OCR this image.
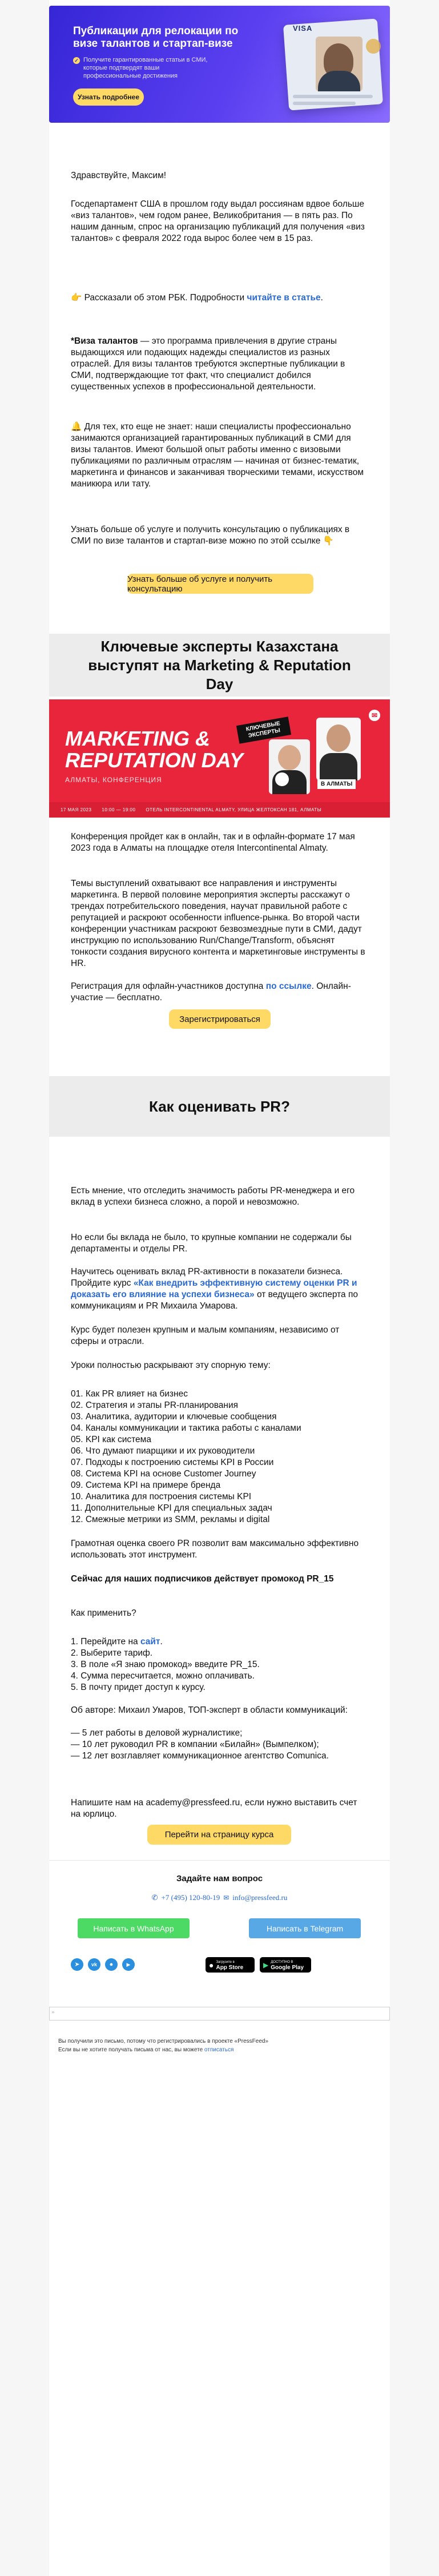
Публикации для релокации по визе талантов и стартап-визе
✓ Получите гарантированные статьи в СМИ, которые подтвердят ваши профессиональные достижения
Узнать подробнее
VISA

Здравствуйте, Максим!

Госдепартамент США в прошлом году выдал россиянам вдвое больше «виз талантов», чем годом ранее, Великобритания — в пять раз. По нашим данным, спрос на организацию публикаций для получения «виз талантов» с февраля 2022 года вырос более чем в 15 раз.

👉 Рассказали об этом РБК. Подробности читайте в статье.

*Виза талантов — это программа привлечения в другие страны выдающихся или подающих надежды специалистов из разных отраслей. Для визы талантов требуются экспертные публикации в СМИ, подтверждающие тот факт, что специалист добился существенных успехов в профессиональной деятельности.

🔔 Для тех, кто еще не знает: наши специалисты профессионально занимаются организацией гарантированных публикаций в СМИ для визы талантов. Имеют большой опыт работы именно с визовыми публикациями по различным отраслям — начиная от бизнес-тематик, маркетинга и финансов и заканчивая творческими темами, искусством маникюра или тату.

Узнать больше об услуге и получить консультацию о публикациях в СМИ по визе талантов и стартап-визе можно по этой ссылке 👇

Узнать больше об услуге и получить консультацию
Ключевые эксперты Казахстана выступят на Marketing & Reputation Day
MARKETING &
REPUTATION DAY
АЛМАТЫ, КОНФЕРЕНЦИЯ
КЛЮЧЕВЫЕ ЭКСПЕРТЫ
В АЛМАТЫ
✉
17 МАЯ 2023 10:00 — 19:00 ОТЕЛЬ INTERCONTINENTAL ALMATY, УЛИЦА ЖЕЛТОКСАН 181, АЛМАТЫ

Конференция пройдет как в онлайн, так и в офлайн-формате 17 мая 2023 года в Алматы на площадке отеля Intercontinental Almaty.

Темы выступлений охватывают все направления и инструменты маркетинга. В первой половине мероприятия эксперты расскажут о трендах потребительского поведения, научат правильной работе с репутацией и раскроют особенности influence-рынка. Во второй части конференции участникам раскроют безвозмездные пути в СМИ, дадут инструкцию по использованию Run/Change/Transform, объяснят тонкости создания вирусного контента и маркетинговые инструменты в HR.

Регистрация для офлайн-участников доступна по ссылке. Онлайн-участие — бесплатно.

Зарегистрироваться
Как оценивать PR?

Есть мнение, что отследить значимость работы PR-менеджера и его вклад в успехи бизнеса сложно, а порой и невозможно.

Но если бы вклада не было, то крупные компании не содержали бы департаменты и отделы PR.

Научитесь оценивать вклад PR-активности в показатели бизнеса. Пройдите курс «Как внедрить эффективную систему оценки PR и доказать его влияние на успехи бизнеса» от ведущего эксперта по коммуникациям и PR Михаила Умарова.

Курс будет полезен крупным и малым компаниям, независимо от сферы и отрасли.

Уроки полностью раскрывают эту спорную тему:

01. Как PR влияет на бизнес
02. Стратегия и этапы PR-планирования
03. Аналитика, аудитории и ключевые сообщения
04. Каналы коммуникации и тактика работы с каналами
05. KPI как система
06. Что думают пиарщики и их руководители
07. Подходы к построению системы KPI в России
08. Система KPI на основе Customer Journey
09. Система KPI на примере бренда
10. Аналитика для построения системы KPI
11. Дополнительные KPI для специальных задач
12. Смежные метрики из SMM, рекламы и digital

Грамотная оценка своего PR позволит вам максимально эффективно использовать этот инструмент.

Сейчас для наших подписчиков действует промокод PR_15

Как применить?

1. Перейдите на сайт.
2. Выберите тариф.
3. В поле «Я знаю промокод» введите PR_15.
4. Сумма пересчитается, можно оплачивать.
5. В почту придет доступ к курсу.

Об авторе: Михаил Умаров, ТОП-эксперт в области коммуникаций:

— 5 лет работы в деловой журналистике;
— 10 лет руководил PR в компании «Билайн» (Вымпелком);
— 12 лет возглавляет коммуникационное агентство Comunica.

Напишите нам на academy@pressfeed.ru, если нужно выставить счет на юрлицо.

Перейти на страницу курса
Задайте нам вопрос
✆ +7 (495) 120-80-19 ✉ info@pressfeed.ru
Написать в WhatsApp	Написать в Telegram
➤	vk	●	▶	● Загрузите в
App Store	▶ ДОСТУПНО В
Google Play
▫
Вы получили это письмо, потому что регистрировались в проекте «PressFeed»
Если вы не хотите получать письма от нас, вы можете отписаться
